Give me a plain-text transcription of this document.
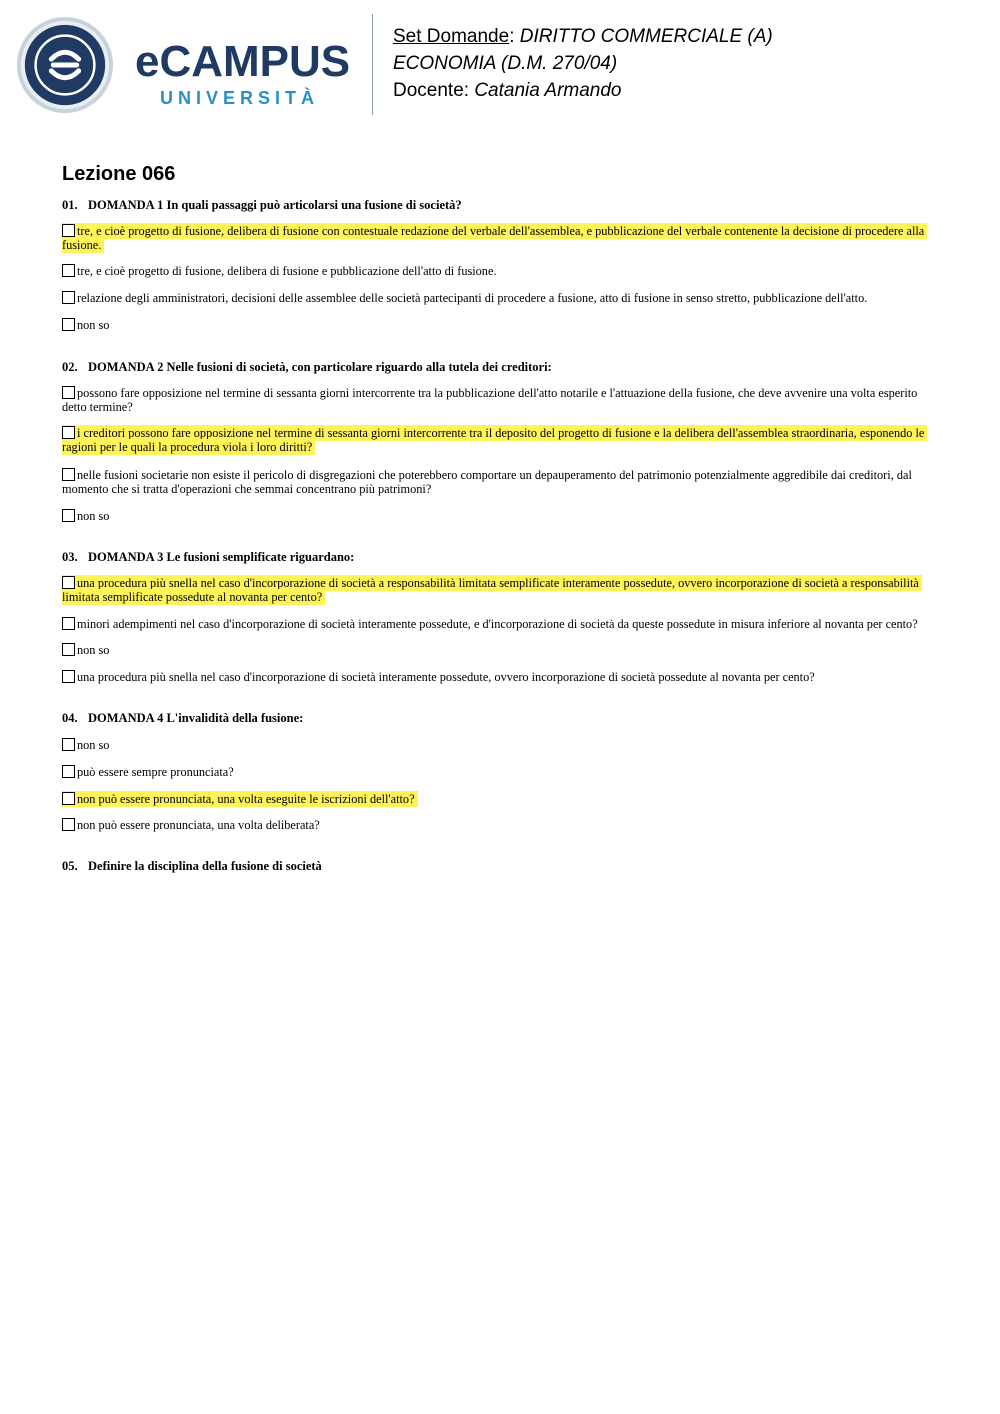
eCAMPUS
UNIVERSITÀ
Set Domande: DIRITTO COMMERCIALE (A)
ECONOMIA (D.M. 270/04)
Docente: Catania Armando
Lezione 066
01. DOMANDA 1 In quali passaggi può articolarsi una fusione di società?
tre, e cioè progetto di fusione, delibera di fusione con contestuale redazione del verbale dell'assemblea, e pubblicazione del verbale contenente la decisione di procedere alla fusione.
tre, e cioè progetto di fusione, delibera di fusione e pubblicazione dell'atto di fusione.
relazione degli amministratori, decisioni delle assemblee delle società partecipanti di procedere a fusione, atto di fusione in senso stretto, pubblicazione dell'atto.
non so
02. DOMANDA 2 Nelle fusioni di società, con particolare riguardo alla tutela dei creditori:
possono fare opposizione nel termine di sessanta giorni intercorrente tra la pubblicazione dell'atto notarile e l'attuazione della fusione, che deve avvenire una volta esperito detto termine?
i creditori possono fare opposizione nel termine di sessanta giorni intercorrente tra il deposito del progetto di fusione e la delibera dell'assemblea straordinaria, esponendo le ragioni per le quali la procedura viola i loro diritti?
nelle fusioni societarie non esiste il pericolo di disgregazioni che poterebbero comportare un depauperamento del patrimonio potenzialmente aggredibile dai creditori, dal momento che si tratta d'operazioni che semmai concentrano più patrimoni?
non so
03. DOMANDA 3 Le fusioni semplificate riguardano:
una procedura più snella nel caso d'incorporazione di società a responsabilità limitata semplificate interamente possedute, ovvero incorporazione di società a responsabilità limitata semplificate possedute al novanta per cento?
minori adempimenti nel caso d'incorporazione di società interamente possedute, e d'incorporazione di società da queste possedute in misura inferiore al novanta per cento?
non so
una procedura più snella nel caso d'incorporazione di società interamente possedute, ovvero incorporazione di società possedute al novanta per cento?
04. DOMANDA 4 L'invalidità della fusione:
non so
può essere sempre pronunciata?
non può essere pronunciata, una volta eseguite le iscrizioni dell'atto?
non può essere pronunciata, una volta deliberata?
05. Definire la disciplina della fusione di società
